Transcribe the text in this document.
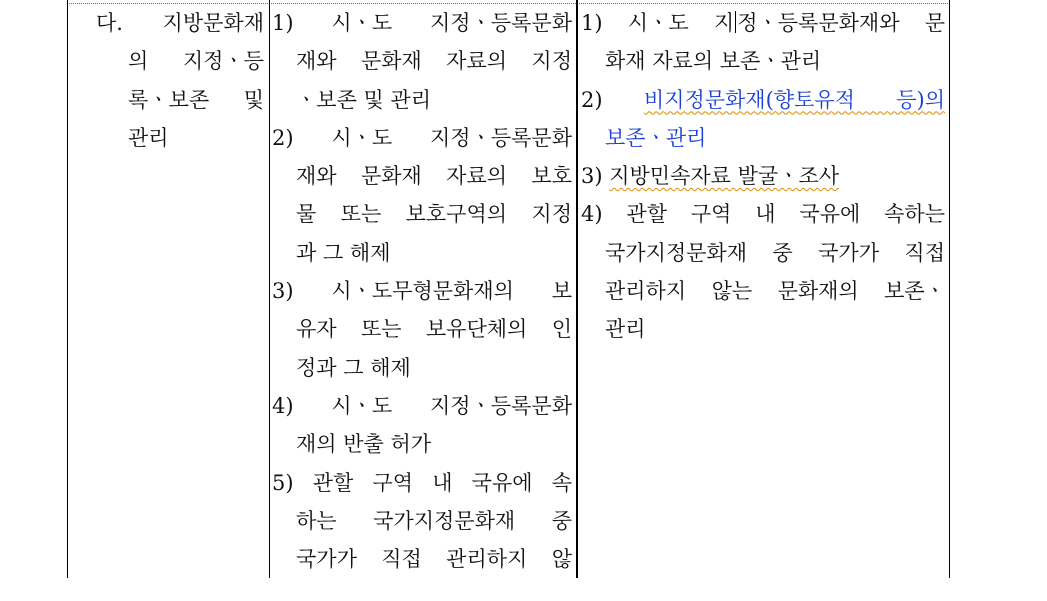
다. 지방문화재
의 지정ㆍ등
록ㆍ보존 및
관리
1) 시ㆍ도 지정ㆍ등록문화
재와 문화재 자료의 지정
ㆍ보존 및 관리
2) 시ㆍ도 지정ㆍ등록문화
재와 문화재 자료의 보호
물 또는 보호구역의 지정
과 그 해제
3) 시ㆍ도무형문화재의 보
유자 또는 보유단체의 인
정과 그 해제
4) 시ㆍ도 지정ㆍ등록문화
재의 반출 허가
5) 관할 구역 내 국유에 속
하는 국가지정문화재 중
국가가 직접 관리하지 않
1) 시ㆍ도 지 정ㆍ등록문화재와 문
화재 자료의 보존ㆍ관리
2) 비지정문화재(향토유적 등)의
보존ㆍ관리
3) 지방민속자료 발굴ㆍ조사
4) 관할 구역 내 국유에 속하는
국가지정문화재 중 국가가 직접
관리하지 않는 문화재의 보존ㆍ
관리
